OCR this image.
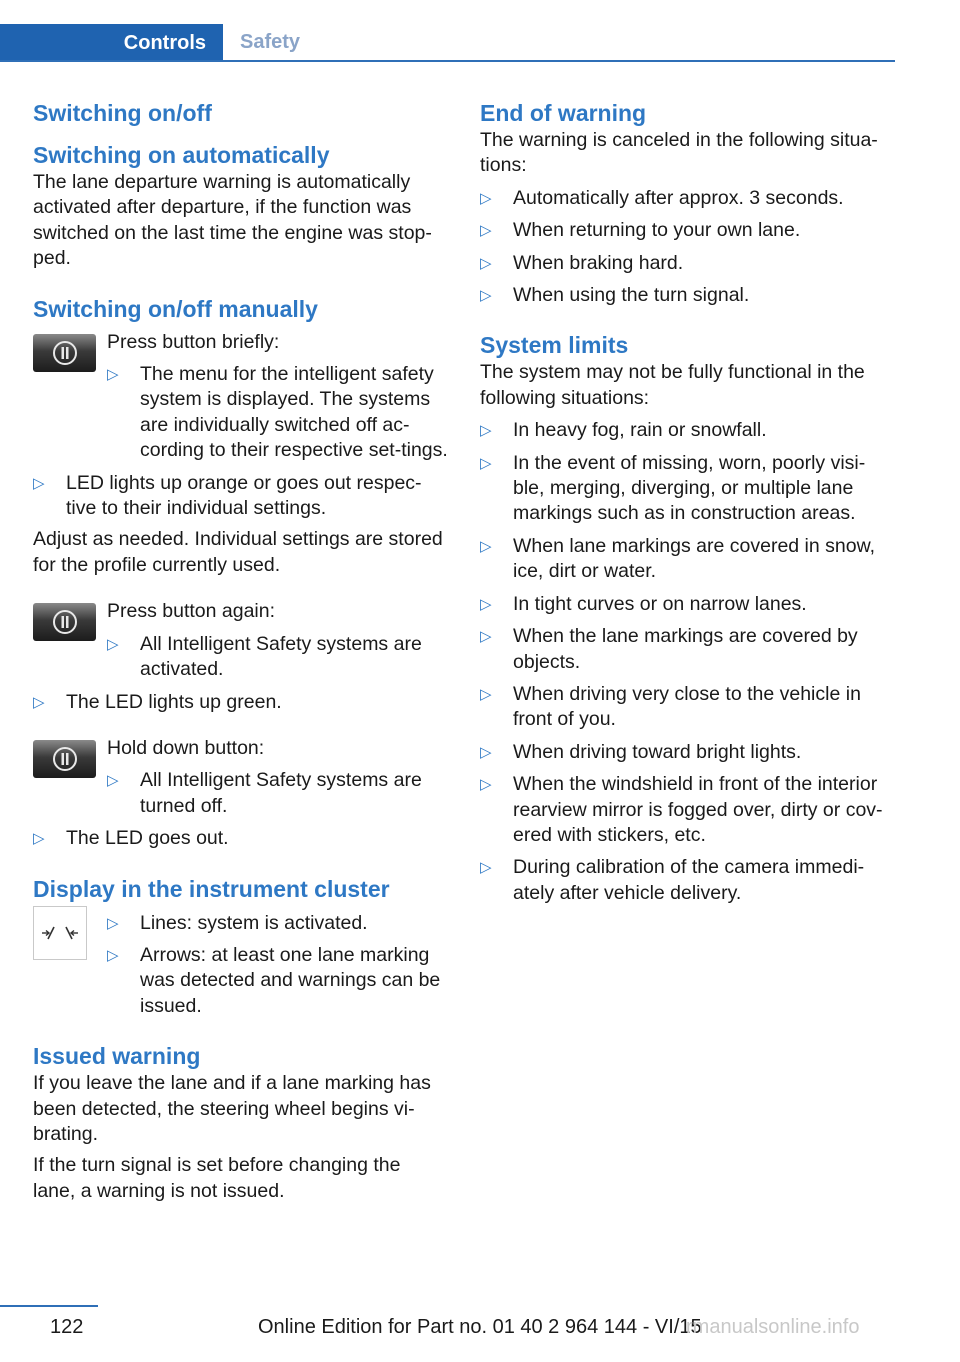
Controls	Safety
Switching on/off
Switching on automatically

The lane departure warning is automatically activated after departure, if the function was switched on the last time the engine was stop-ped.

Switching on/off manually

Press button briefly:

▷ The menu for the intelligent safety system is displayed. The systems are individually switched off ac-cording to their respective set-tings.
▷ LED lights up orange or goes out respec-tive to their individual settings.

Adjust as needed. Individual settings are stored for the profile currently used.

Press button again:

▷ All Intelligent Safety systems are activated.
▷ The LED lights up green.

Hold down button:

▷ All Intelligent Safety systems are turned off.
▷ The LED goes out.
Display in the instrument cluster
▷ Lines: system is activated.
▷ Arrows: at least one lane marking was detected and warnings can be issued.
Issued warning

If you leave the lane and if a lane marking has been detected, the steering wheel begins vi-brating.

If the turn signal is set before changing the lane, a warning is not issued.

End of warning

The warning is canceled in the following situa-tions:

▷ Automatically after approx. 3 seconds.
▷ When returning to your own lane.
▷ When braking hard.
▷ When using the turn signal.
System limits

The system may not be fully functional in the following situations:

▷ In heavy fog, rain or snowfall.
▷ In the event of missing, worn, poorly visi-ble, merging, diverging, or multiple lane markings such as in construction areas.
▷ When lane markings are covered in snow, ice, dirt or water.
▷ In tight curves or on narrow lanes.
▷ When the lane markings are covered by objects.
▷ When driving very close to the vehicle in front of you.
▷ When driving toward bright lights.
▷ When the windshield in front of the interior rearview mirror is fogged over, dirty or cov-ered with stickers, etc.
▷ During calibration of the camera immedi-ately after vehicle delivery.
122	Online Edition for Part no. 01 40 2 964 144 - VI/15
rmanualsonline.info
